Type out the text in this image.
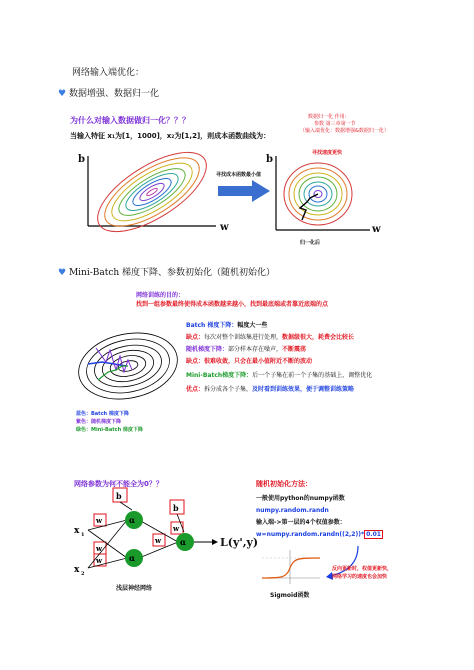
网络输入端优化：
♥ 数据增强、数据归一化
为什么对输入数据做归一化？？？
当输入特征 x₁为[1，1000]，x₂为[1,2]，则成本函数曲线为：
数据归一化 作用：
参数 第三章第一节
（输入端优化：数据增强&数据归一化）
b
w
寻找成本函数最小值
寻找速度更快
b
w
归一化后
♥ Mini-Batch 梯度下降、参数初始化（随机初始化）
网络训练的目的：
找到一组参数最终使得成本函数越来越小，找到最底端或者靠近底端的点
Batch 梯度下降：幅度大一些
缺点：每次对整个训练集进行处理，数据级很大，耗费会比较长
随机梯度下降：部分样本存在噪声，不断震荡
缺点：很难收敛，只会在最小值附近不断的波动
Mini-Batch梯度下降：后一个子集在前一个子集的基础上，调整优化
优点：拆分成各个子集，及时看到训练效果，便于调整训练策略
蓝色：Batch 梯度下降
紫色：随机梯度下降
绿色：Mini-Batch 梯度下降
网络参数为何不能全为0？？
b
b
w
w
w
w
w
α
α
α
x 1
x 2
L(y',y)
浅层神经网络
随机初始化方法：
一般使用python的numpy函数
numpy.random.randn
输入端->第一层的4个权值参数：
w=numpy.random.randn((2,2))* 0.01
Sigmoid函数
反向更新时，权值更新快，
网络学习的速度也会加快
